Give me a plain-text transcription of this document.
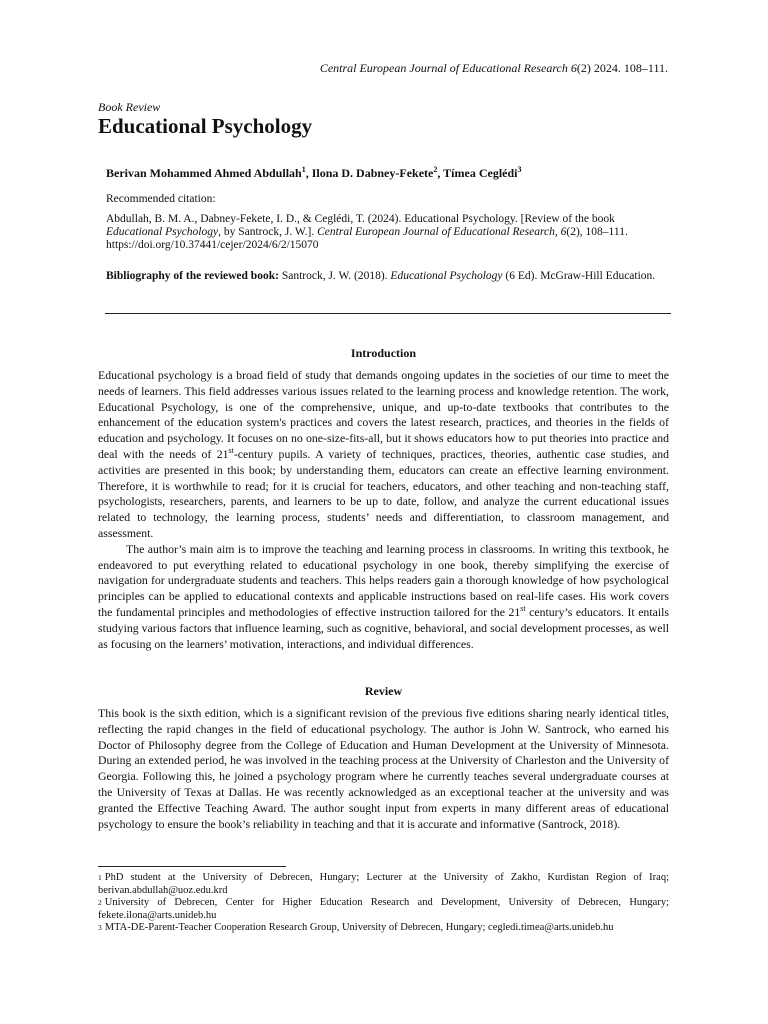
Central European Journal of Educational Research 6(2) 2024. 108–111.
Book Review
Educational Psychology
Berivan Mohammed Ahmed Abdullah$^1$, Ilona D. Dabney-Fekete$^2$, Tímea Ceglédi$^3$
Recommended citation:
Abdullah, B. M. A., Dabney-Fekete, I. D., & Ceglédi, T. (2024). Educational Psychology. [Review of the book Educational Psychology, by Santrock, J. W.]. Central European Journal of Educational Research, 6(2), 108–111. https://doi.org/10.37441/cejer/2024/6/2/15070
Bibliography of the reviewed book: Santrock, J. W. (2018). Educational Psychology (6 Ed). McGraw-Hill Education.
Introduction

Educational psychology is a broad field of study that demands ongoing updates in the societies of our time to meet the needs of learners. This field addresses various issues related to the learning process and knowledge retention. The work, Educational Psychology, is one of the comprehensive, unique, and up-to-date textbooks that contributes to the enhancement of the education system's practices and covers the latest research, practices, and theories in the fields of education and psychology. It focuses on no one-size-fits-all, but it shows educators how to put theories into practice and deal with the needs of 21st-century pupils. A variety of techniques, practices, theories, authentic case studies, and activities are presented in this book; by understanding them, educators can create an effective learning environment. Therefore, it is worthwhile to read; for it is crucial for teachers, educators, and other teaching and non-teaching staff, psychologists, researchers, parents, and learners to be up to date, follow, and analyze the current educational issues related to technology, the learning process, students’ needs and differentiation, to classroom management, and assessment.

The author’s main aim is to improve the teaching and learning process in classrooms. In writing this textbook, he endeavored to put everything related to educational psychology in one book, thereby simplifying the exercise of navigation for undergraduate students and teachers. This helps readers gain a thorough knowledge of how psychological principles can be applied to educational contexts and applicable instructions based on real-life cases. His work covers the fundamental principles and methodologies of effective instruction tailored for the 21st century’s educators. It entails studying various factors that influence learning, such as cognitive, behavioral, and social development processes, as well as focusing on the learners’ motivation, interactions, and individual differences.

Review

This book is the sixth edition, which is a significant revision of the previous five editions sharing nearly identical titles, reflecting the rapid changes in the field of educational psychology. The author is John W. Santrock, who earned his Doctor of Philosophy degree from the College of Education and Human Development at the University of Minnesota. During an extended period, he was involved in the teaching process at the University of Charleston and the University of Georgia. Following this, he joined a psychology program where he currently teaches several undergraduate courses at the University of Texas at Dallas. He was recently acknowledged as an exceptional teacher at the university and was granted the Effective Teaching Award. The author sought input from experts in many different areas of educational psychology to ensure the book’s reliability in teaching and that it is accurate and informative (Santrock, 2018).

$^1$ PhD student at the University of Debrecen, Hungary; Lecturer at the University of Zakho, Kurdistan Region of Iraq; berivan.abdullah@uoz.edu.krd
$^2$ University of Debrecen, Center for Higher Education Research and Development, University of Debrecen, Hungary; fekete.ilona@arts.unideb.hu
$^3$ MTA-DE-Parent-Teacher Cooperation Research Group, University of Debrecen, Hungary; cegledi.timea@arts.unideb.hu
